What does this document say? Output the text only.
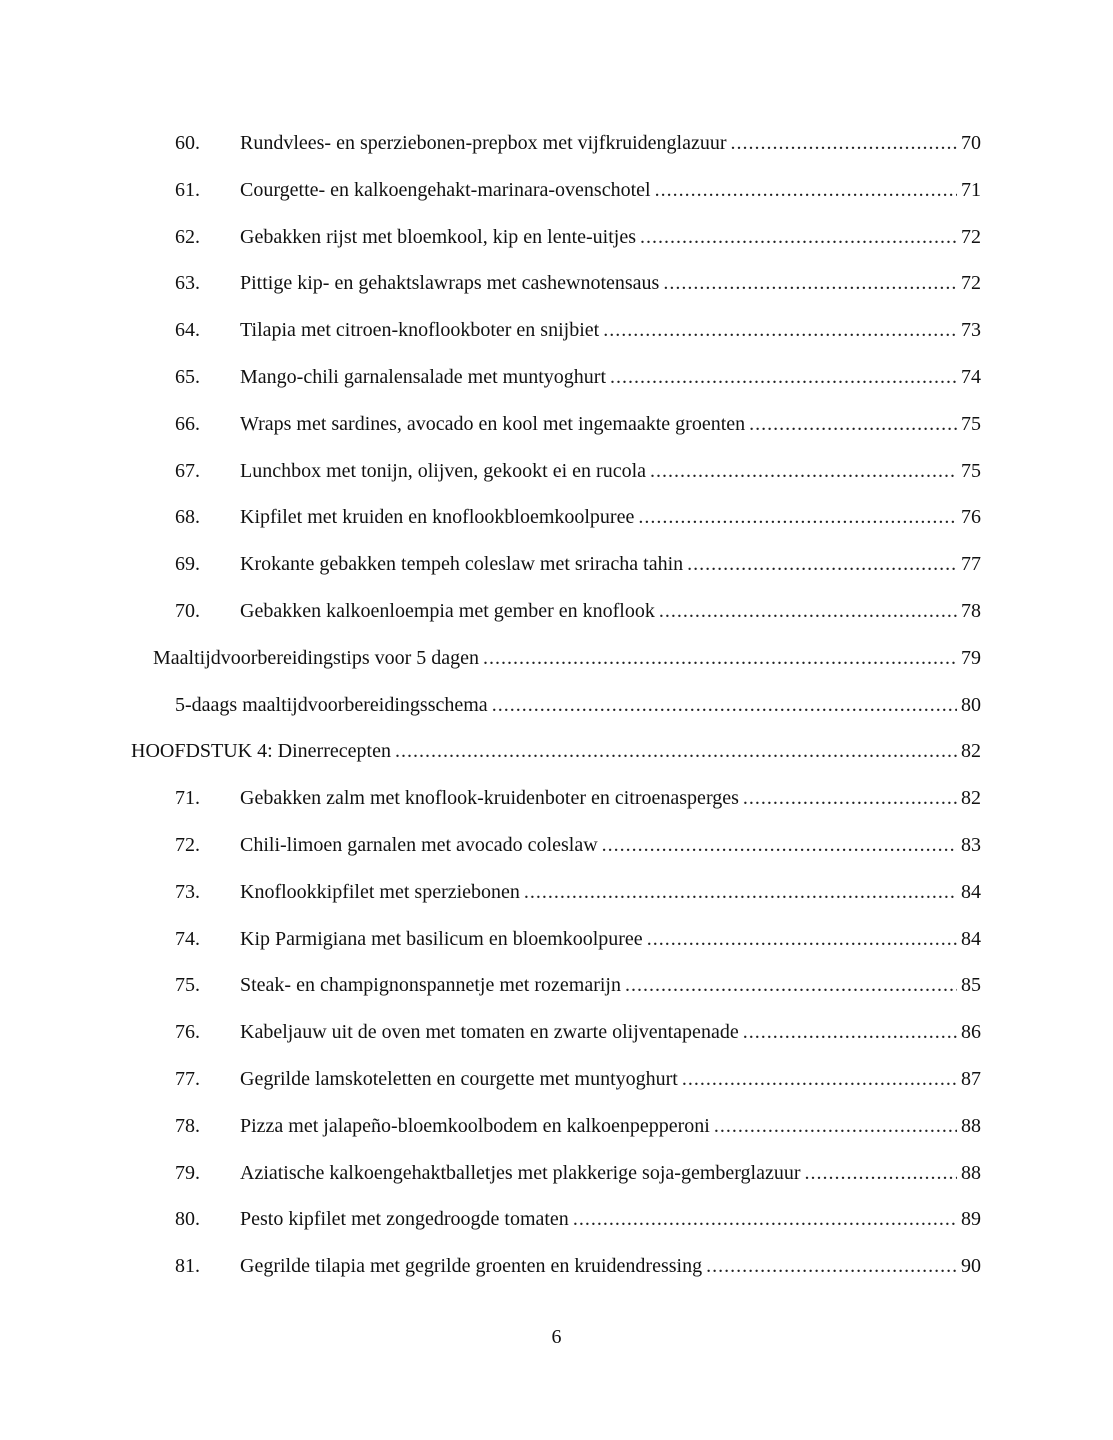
60. Rundvlees- en sperziebonen-prepbox met vijfkruidenglazuur .....	70
61. Courgette- en kalkoengehakt-marinara-ovenschotel .....	71
62. Gebakken rijst met bloemkool, kip en lente-uitjes .....	72
63. Pittige kip- en gehaktslawraps met cashewnotensaus .....	72
64. Tilapia met citroen-knoflookboter en snijbiet .....	73
65. Mango-chili garnalensalade met muntyoghurt .....	74
66. Wraps met sardines, avocado en kool met ingemaakte groenten .....	75
67. Lunchbox met tonijn, olijven, gekookt ei en rucola .....	75
68. Kipfilet met kruiden en knoflookbloemkoolpuree .....	76
69. Krokante gebakken tempeh coleslaw met sriracha tahin .....	77
70. Gebakken kalkoenloempia met gember en knoflook .....	78
Maaltijdvoorbereidingstips voor 5 dagen .....	79
5-daags maaltijdvoorbereidingsschema .....	80
HOOFDSTUK 4: Dinerrecepten .....	82
71. Gebakken zalm met knoflook-kruidenboter en citroenasperges .....	82
72. Chili-limoen garnalen met avocado coleslaw .....	83
73. Knoflookkipfilet met sperziebonen .....	84
74. Kip Parmigiana met basilicum en bloemkoolpuree .....	84
75. Steak- en champignonspannetje met rozemarijn .....	85
76. Kabeljauw uit de oven met tomaten en zwarte olijventapenade .....	86
77. Gegrilde lamskoteletten en courgette met muntyoghurt .....	87
78. Pizza met jalapeño-bloemkoolbodem en kalkoenpepperoni .....	88
79. Aziatische kalkoengehaktballetjes met plakkerige soja-gemberglazuur .....	88
80. Pesto kipfilet met zongedroogde tomaten .....	89
81. Gegrilde tilapia met gegrilde groenten en kruidendressing .....	90
6
